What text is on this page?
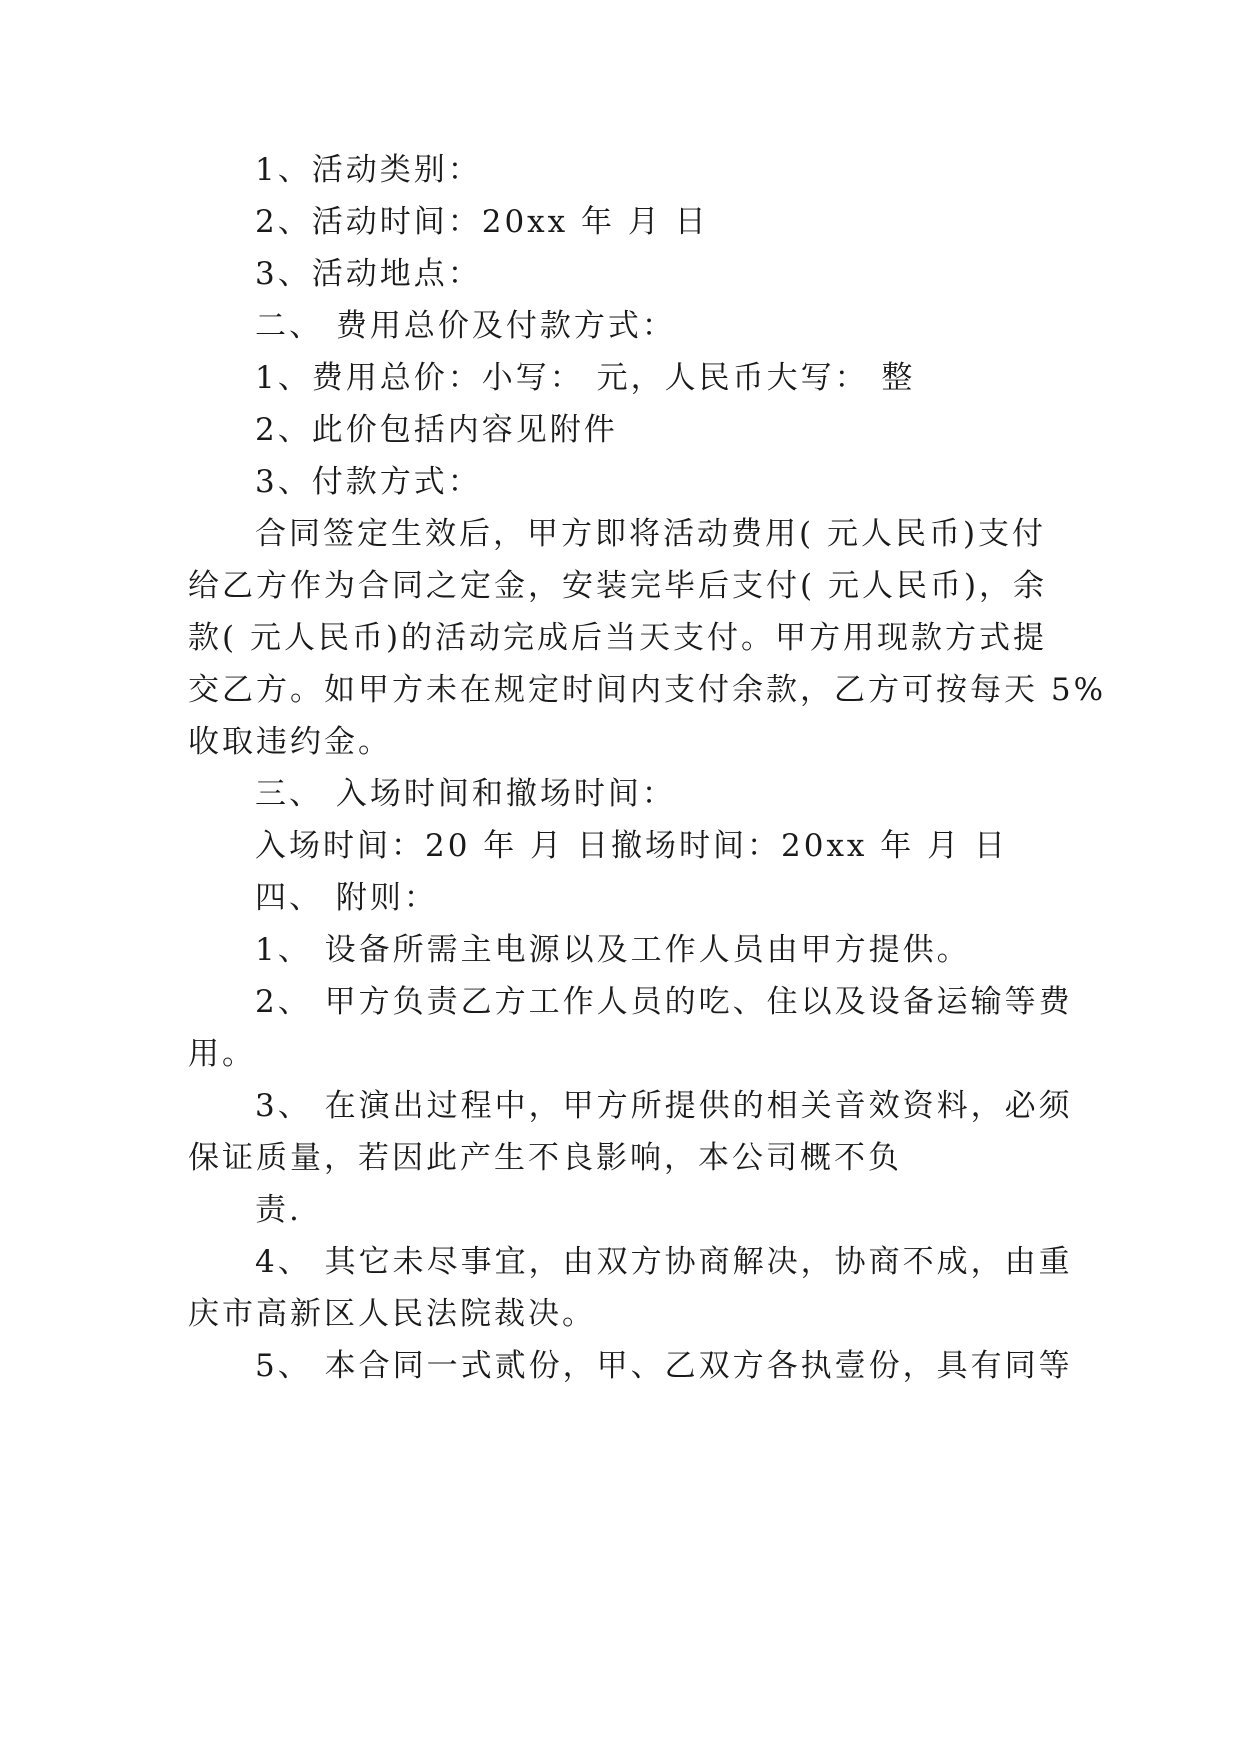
1、活动类别：

2、活动时间：20xx 年 月 日

3、活动地点：

二、 费用总价及付款方式：

1、费用总价：小写： 元，人民币大写： 整

2、此价包括内容见附件

3、付款方式：

合同签定生效后，甲方即将活动费用( 元人民币)支付

给乙方作为合同之定金，安装完毕后支付( 元人民币)，余

款( 元人民币)的活动完成后当天支付。甲方用现款方式提

交乙方。如甲方未在规定时间内支付余款，乙方可按每天 5%

收取违约金。

三、 入场时间和撤场时间：

入场时间：20 年 月 日撤场时间：20xx 年 月 日

四、 附则：

1、 设备所需主电源以及工作人员由甲方提供。

2、 甲方负责乙方工作人员的吃、住以及设备运输等费

用。

3、 在演出过程中，甲方所提供的相关音效资料，必须

保证质量，若因此产生不良影响，本公司概不负

责.

4、 其它未尽事宜，由双方协商解决，协商不成，由重

庆市高新区人民法院裁决。

5、 本合同一式贰份，甲、乙双方各执壹份，具有同等
